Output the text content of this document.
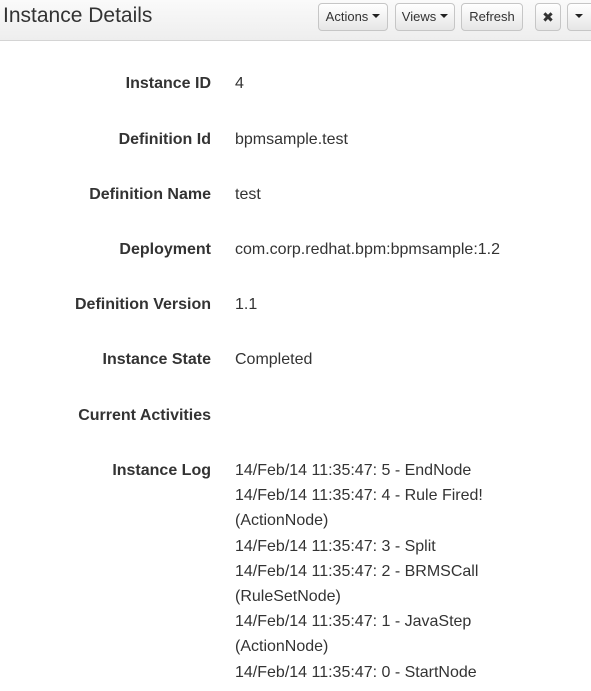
Instance Details	Actions	Views	Refresh	✖
Instance ID 4
Definition Id bpmsample.test
Definition Name test
Deployment com.corp.redhat.bpm:bpmsample:1.2
Definition Version 1.1
Instance State Completed
Current Activities
Instance Log 14/Feb/14 11:35:47: 5 - EndNode
14/Feb/14 11:35:47: 4 - Rule Fired! (ActionNode)
14/Feb/14 11:35:47: 3 - Split
14/Feb/14 11:35:47: 2 - BRMSCall (RuleSetNode)
14/Feb/14 11:35:47: 1 - JavaStep (ActionNode)
14/Feb/14 11:35:47: 0 - StartNode
